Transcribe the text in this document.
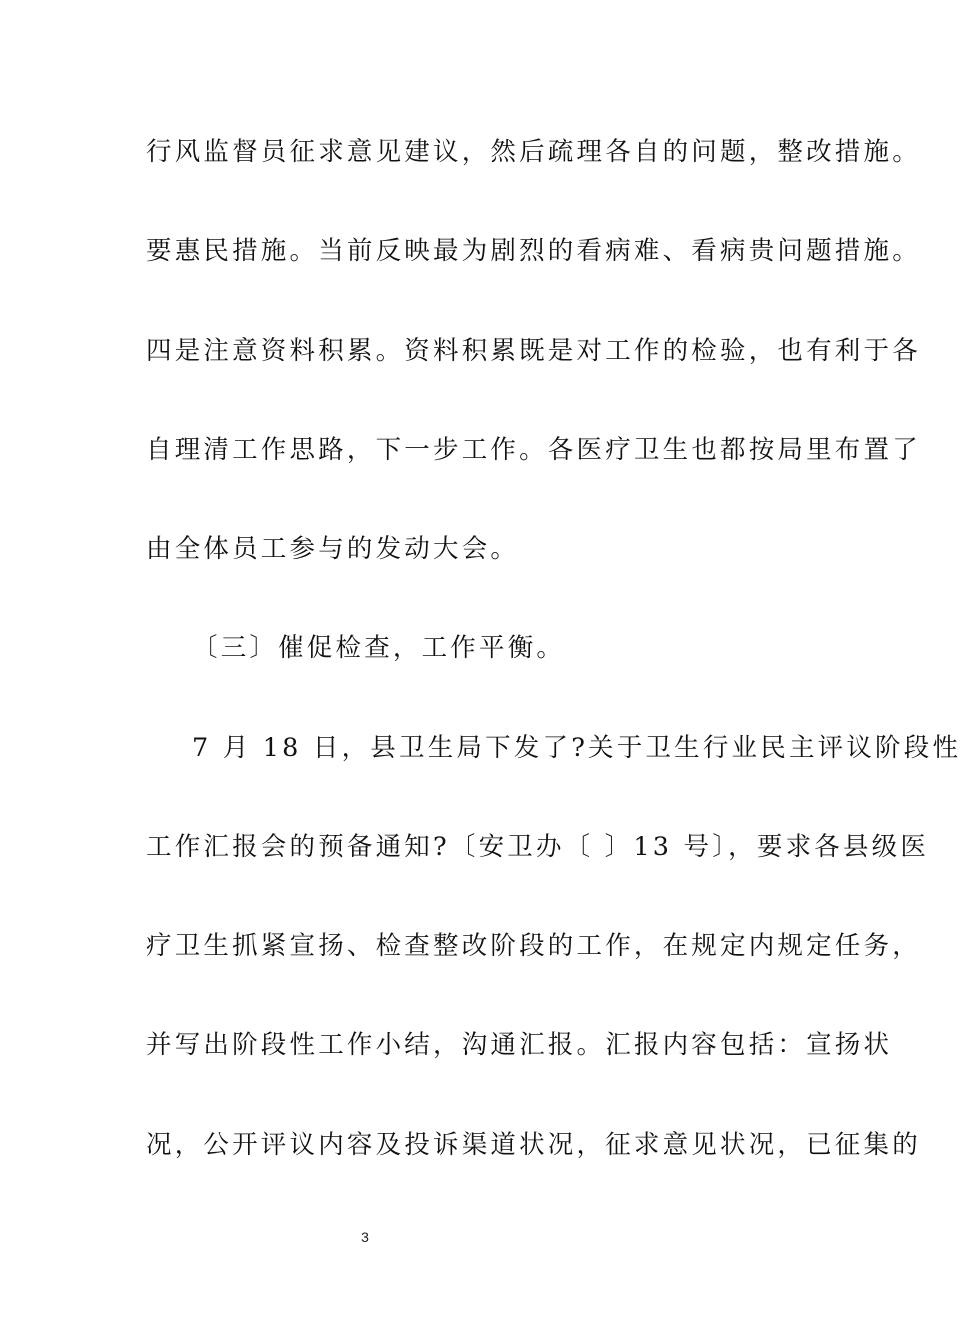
行风监督员征求意见建议，然后疏理各自的问题，整改措施。
要惠民措施。当前反映最为剧烈的看病难、看病贵问题措施。
四是注意资料积累。资料积累既是对工作的检验，也有利于各
自理清工作思路，下一步工作。各医疗卫生也都按局里布置了
由全体员工参与的发动大会。
〔三〕催促检查，工作平衡。
7 月 18 日，县卫生局下发了?关于卫生行业民主评议阶段性
工作汇报会的预备通知?〔安卫办〔 〕13 号〕，要求各县级医
疗卫生抓紧宣扬、检查整改阶段的工作，在规定内规定任务，
并写出阶段性工作小结，沟通汇报。汇报内容包括：宣扬状
况，公开评议内容及投诉渠道状况，征求意见状况，已征集的
3
